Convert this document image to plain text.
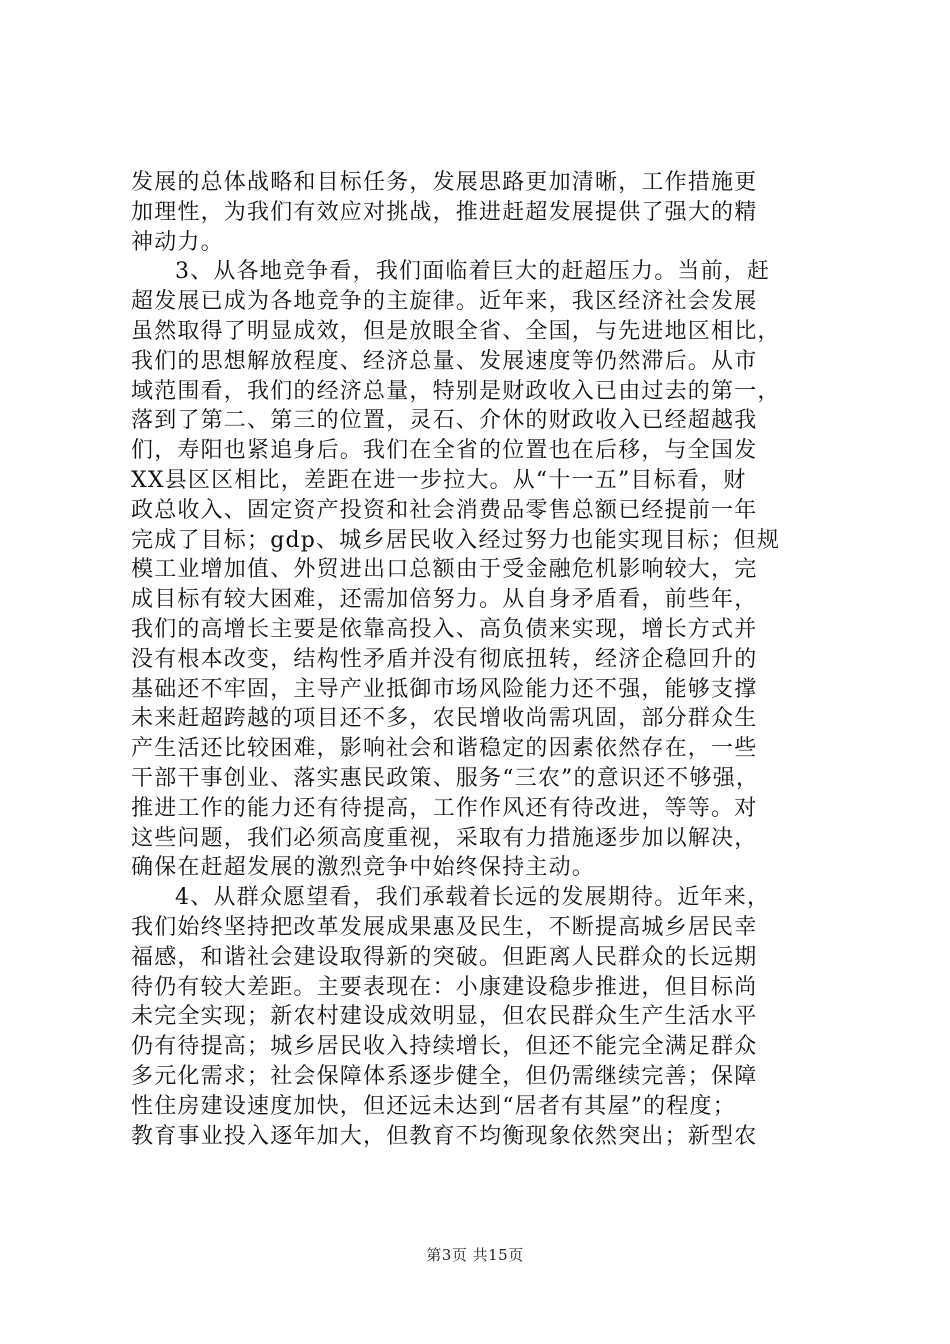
发展的总体战略和目标任务，发展思路更加清晰，工作措施更
加理性，为我们有效应对挑战，推进赶超发展提供了强大的精
神动力。
3、从各地竞争看，我们面临着巨大的赶超压力。当前，赶
超发展已成为各地竞争的主旋律。近年来，我区经济社会发展
虽然取得了明显成效，但是放眼全省、全国，与先进地区相比，
我们的思想解放程度、经济总量、发展速度等仍然滞后。从市
域范围看，我们的经济总量，特别是财政收入已由过去的第一，
落到了第二、第三的位置，灵石、介休的财政收入已经超越我
们，寿阳也紧追身后。我们在全省的位置也在后移，与全国发
XX县区区相比，差距在进一步拉大。从“十一五”目标看，财
政总收入、固定资产投资和社会消费品零售总额已经提前一年
完成了目标；gdp、城乡居民收入经过努力也能实现目标；但规
模工业增加值、外贸进出口总额由于受金融危机影响较大，完
成目标有较大困难，还需加倍努力。从自身矛盾看，前些年，
我们的高增长主要是依靠高投入、高负债来实现，增长方式并
没有根本改变，结构性矛盾并没有彻底扭转，经济企稳回升的
基础还不牢固，主导产业抵御市场风险能力还不强，能够支撑
未来赶超跨越的项目还不多，农民增收尚需巩固，部分群众生
产生活还比较困难，影响社会和谐稳定的因素依然存在，一些
干部干事创业、落实惠民政策、服务“三农”的意识还不够强，
推进工作的能力还有待提高，工作作风还有待改进，等等。对
这些问题，我们必须高度重视，采取有力措施逐步加以解决，
确保在赶超发展的激烈竞争中始终保持主动。
4、从群众愿望看，我们承载着长远的发展期待。近年来，
我们始终坚持把改革发展成果惠及民生，不断提高城乡居民幸
福感，和谐社会建设取得新的突破。但距离人民群众的长远期
待仍有较大差距。主要表现在：小康建设稳步推进，但目标尚
未完全实现；新农村建设成效明显，但农民群众生产生活水平
仍有待提高；城乡居民收入持续增长，但还不能完全满足群众
多元化需求；社会保障体系逐步健全，但仍需继续完善；保障
性住房建设速度加快，但还远未达到“居者有其屋”的程度；
教育事业投入逐年加大，但教育不均衡现象依然突出；新型农
第3页 共15页
